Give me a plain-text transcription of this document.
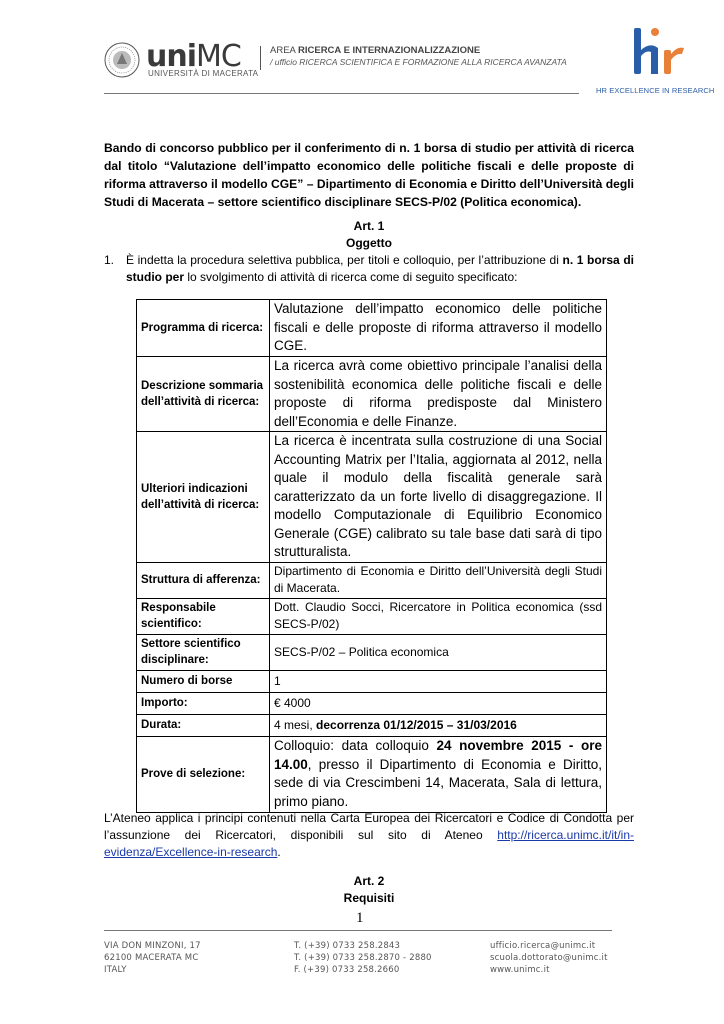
uniMC
UNIVERSITÀ DI MACERATA
AREA RICERCA E INTERNAZIONALIZZAZIONE
/ ufficio RICERCA SCIENTIFICA E FORMAZIONE ALLA RICERCA AVANZATA
HR EXCELLENCE IN RESEARCH
Bando di concorso pubblico per il conferimento di n. 1 borsa di studio per attività di ricerca dal titolo “Valutazione dell’impatto economico delle politiche fiscali e delle proposte di riforma attraverso il modello CGE” – Dipartimento di Economia e Diritto dell’Università degli Studi di Macerata – settore scientifico disciplinare SECS-P/02 (Politica economica).
Art. 1
Oggetto
1. È indetta la procedura selettiva pubblica, per titoli e colloquio, per l’attribuzione di n. 1 borsa di studio per lo svolgimento di attività di ricerca come di seguito specificato:
Programma di ricerca:	Valutazione dell’impatto economico delle politiche fiscali e delle proposte di riforma attraverso il modello CGE.
Descrizione sommaria dell’attività di ricerca:	La ricerca avrà come obiettivo principale l’analisi della sostenibilità economica delle politiche fiscali e delle proposte di riforma predisposte dal Ministero dell’Economia e delle Finanze.
Ulteriori indicazioni dell’attività di ricerca:	La ricerca è incentrata sulla costruzione di una Social Accounting Matrix per l’Italia, aggiornata al 2012, nella quale il modulo della fiscalità generale sarà caratterizzato da un forte livello di disaggregazione. Il modello Computazionale di Equilibrio Economico Generale (CGE) calibrato su tale base dati sarà di tipo strutturalista.
Struttura di afferenza:	Dipartimento di Economia e Diritto dell’Università degli Studi di Macerata.
Responsabile scientifico:	Dott. Claudio Socci, Ricercatore in Politica economica (ssd SECS-P/02)
Settore scientifico disciplinare:	SECS-P/02 – Politica economica
Numero di borse	1
Importo:	€ 4000
Durata:	4 mesi, decorrenza 01/12/2015 – 31/03/2016
Prove di selezione:	Colloquio: data colloquio 24 novembre 2015 - ore 14.00, presso il Dipartimento di Economia e Diritto, sede di via Crescimbeni 14, Macerata, Sala di lettura, primo piano.
L’Ateneo applica i principi contenuti nella Carta Europea dei Ricercatori e Codice di Condotta per l’assunzione dei Ricercatori, disponibili sul sito di Ateneo http://ricerca.unimc.it/it/in-evidenza/Excellence-in-research.
Art. 2
Requisiti
1
VIA DON MINZONI, 17
62100 MACERATA MC
ITALY
T. (+39) 0733 258.2843
T. (+39) 0733 258.2870 - 2880
F. (+39) 0733 258.2660
ufficio.ricerca@unimc.it
scuola.dottorato@unimc.it
www.unimc.it
